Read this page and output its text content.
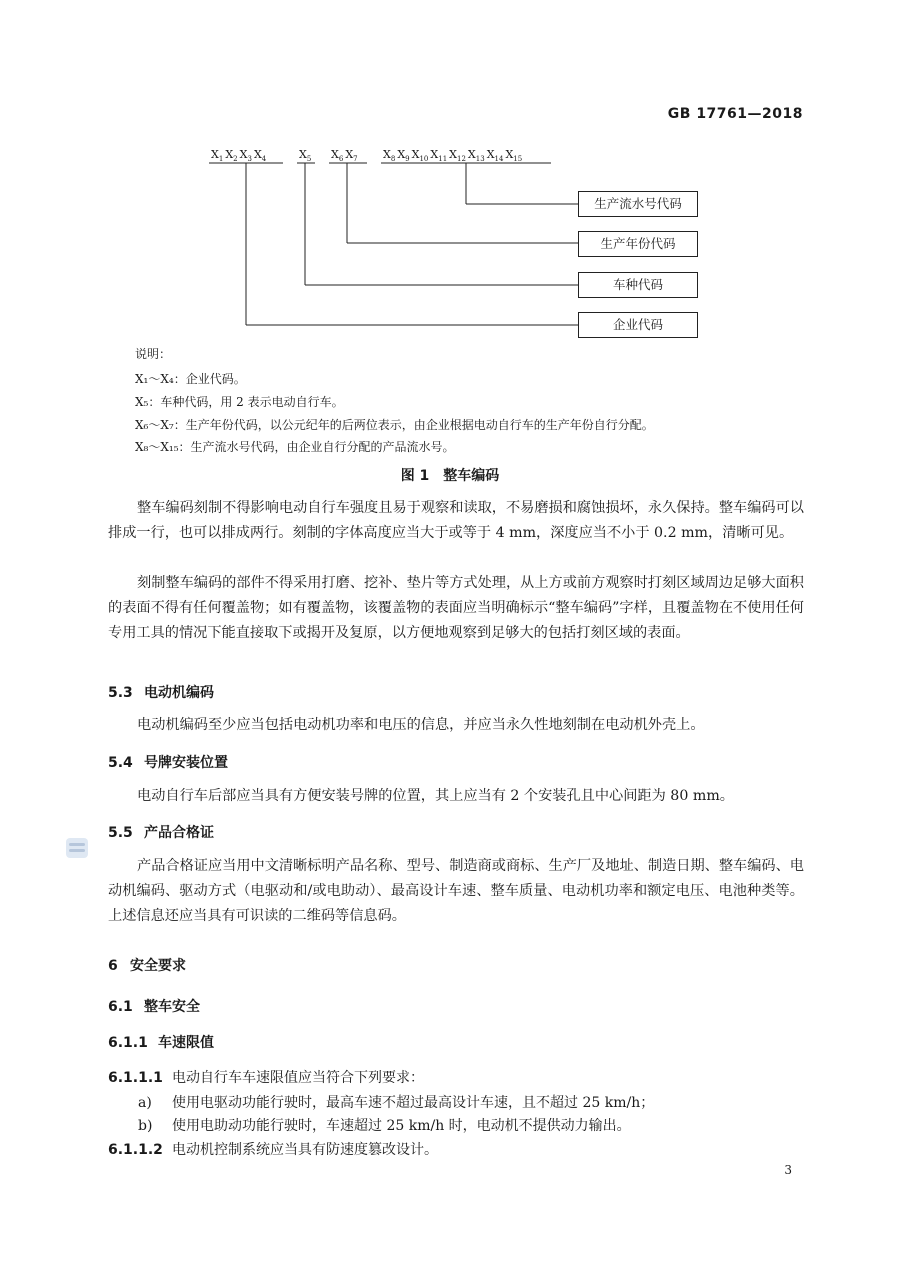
GB 17761—2018
$X_1$ $X_2$ $X_3$ $X_4$	$X_5$ $X_6$ $X_7$ $X_8$ $X_9$ $X_{10}$ $X_{11}$ $X_{12}$ $X_{13}$ $X_{14}$ $X_{15}$
生产流水号代码
生产年份代码
车种代码
企业代码
说明：
X₁～X₄：企业代码。
X₅：车种代码，用 2 表示电动自行车。
X₆～X₇：生产年份代码，以公元纪年的后两位表示，由企业根据电动自行车的生产年份自行分配。
X₈～X₁₅：生产流水号代码，由企业自行分配的产品流水号。
图 1　整车编码
整车编码刻制不得影响电动自行车强度且易于观察和读取，不易磨损和腐蚀损坏，永久保持。整车编码可以排成一行，也可以排成两行。刻制的字体高度应当大于或等于 4 mm，深度应当不小于 0.2 mm，清晰可见。
刻制整车编码的部件不得采用打磨、挖补、垫片等方式处理，从上方或前方观察时打刻区域周边足够大面积的表面不得有任何覆盖物；如有覆盖物，该覆盖物的表面应当明确标示“整车编码”字样，且覆盖物在不使用任何专用工具的情况下能直接取下或揭开及复原，以方便地观察到足够大的包括打刻区域的表面。
5.3 电动机编码
电动机编码至少应当包括电动机功率和电压的信息，并应当永久性地刻制在电动机外壳上。
5.4 号牌安装位置
电动自行车后部应当具有方便安装号牌的位置，其上应当有 2 个安装孔且中心间距为 80 mm。
5.5 产品合格证
产品合格证应当用中文清晰标明产品名称、型号、制造商或商标、生产厂及地址、制造日期、整车编码、电动机编码、驱动方式（电驱动和/或电助动）、最高设计车速、整车质量、电动机功率和额定电压、电池种类等。上述信息还应当具有可识读的二维码等信息码。
6 安全要求
6.1 整车安全
6.1.1 车速限值
6.1.1.1 电动自行车车速限值应当符合下列要求：
a) 使用电驱动功能行驶时，最高车速不超过最高设计车速，且不超过 25 km/h；
b) 使用电助动功能行驶时，车速超过 25 km/h 时，电动机不提供动力输出。
6.1.1.2 电动机控制系统应当具有防速度篡改设计。
3
